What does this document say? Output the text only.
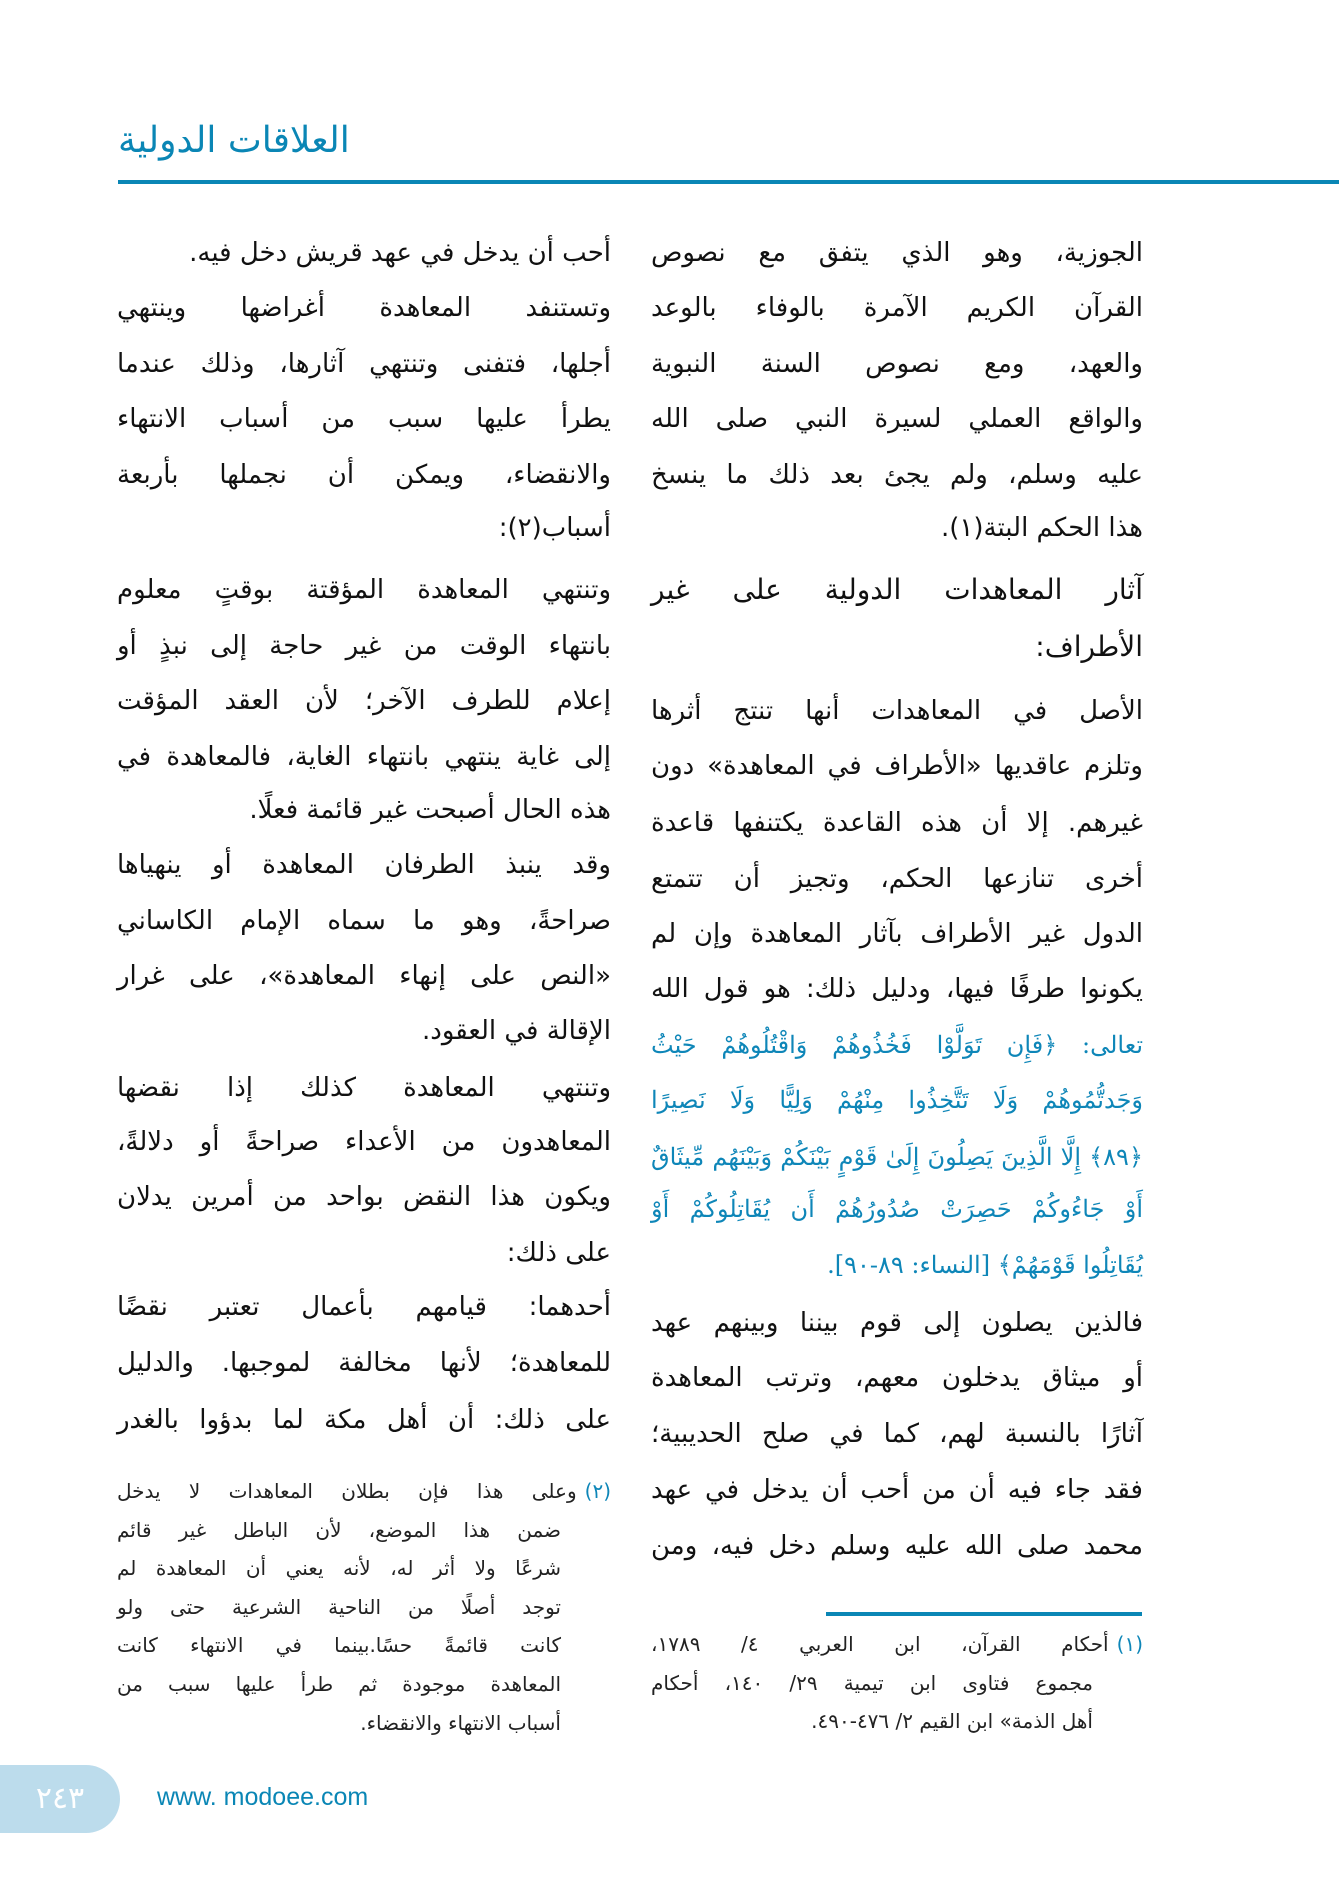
العلاقات الدولية
الجوزية، وهو الذي يتفق مع نصوص
القرآن الكريم الآمرة بالوفاء بالوعد
والعهد، ومع نصوص السنة النبوية
والواقع العملي لسيرة النبي صلى الله
عليه وسلم، ولم يجئ بعد ذلك ما ينسخ
هذا الحكم البتة(١).
آثار المعاهدات الدولية على غير
الأطراف:
الأصل في المعاهدات أنها تنتج أثرها
وتلزم عاقديها «الأطراف في المعاهدة» دون
غيرهم. إلا أن هذه القاعدة يكتنفها قاعدة
أخرى تنازعها الحكم، وتجيز أن تتمتع
الدول غير الأطراف بآثار المعاهدة وإن لم
يكونوا طرفًا فيها، ودليل ذلك: هو قول الله
تعالى: ﴿فَإِن تَوَلَّوْا فَخُذُوهُمْ وَاقْتُلُوهُمْ حَيْثُ
وَجَدتُّمُوهُمْ وَلَا تَتَّخِذُوا مِنْهُمْ وَلِيًّا وَلَا نَصِيرًا
﴿٨٩﴾ إِلَّا الَّذِينَ يَصِلُونَ إِلَىٰ قَوْمٍ بَيْنَكُمْ وَبَيْنَهُم مِّيثَاقٌ
أَوْ جَاءُوكُمْ حَصِرَتْ صُدُورُهُمْ أَن يُقَاتِلُوكُمْ أَوْ
يُقَاتِلُوا قَوْمَهُمْ﴾ [النساء: ٨٩-٩٠].
فالذين يصلون إلى قوم بيننا وبينهم عهد
أو ميثاق يدخلون معهم، وترتب المعاهدة
آثارًا بالنسبة لهم، كما في صلح الحديبية؛
فقد جاء فيه أن من أحب أن يدخل في عهد
محمد صلى الله عليه وسلم دخل فيه، ومن
(١)أحكام القرآن، ابن العربي ٤/ ١٧٨٩،
مجموع فتاوى ابن تيمية ٢٩/ ١٤٠، أحكام
أهل الذمة» ابن القيم ٢/ ٤٧٦-٤٩٠.
أحب أن يدخل في عهد قريش دخل فيه.
وتستنفد المعاهدة أغراضها وينتهي
أجلها، فتفنى وتنتهي آثارها، وذلك عندما
يطرأ عليها سبب من أسباب الانتهاء
والانقضاء، ويمكن أن نجملها بأربعة
أسباب(٢):
وتنتهي المعاهدة المؤقتة بوقتٍ معلوم
بانتهاء الوقت من غير حاجة إلى نبذٍ أو
إعلام للطرف الآخر؛ لأن العقد المؤقت
إلى غاية ينتهي بانتهاء الغاية، فالمعاهدة في
هذه الحال أصبحت غير قائمة فعلًا.
وقد ينبذ الطرفان المعاهدة أو ينهياها
صراحةً، وهو ما سماه الإمام الكاساني
«النص على إنهاء المعاهدة»، على غرار
الإقالة في العقود.
وتنتهي المعاهدة كذلك إذا نقضها
المعاهدون من الأعداء صراحةً أو دلالةً،
ويكون هذا النقض بواحد من أمرين يدلان
على ذلك:
أحدهما: قيامهم بأعمال تعتبر نقضًا
للمعاهدة؛ لأنها مخالفة لموجبها. والدليل
على ذلك: أن أهل مكة لما بدؤوا بالغدر
(٢)وعلى هذا فإن بطلان المعاهدات لا يدخل
ضمن هذا الموضع، لأن الباطل غير قائم
شرعًا ولا أثر له، لأنه يعني أن المعاهدة لم
توجد أصلًا من الناحية الشرعية حتى ولو
كانت قائمةً حسًا.بينما في الانتهاء كانت
المعاهدة موجودة ثم طرأ عليها سبب من
أسباب الانتهاء والانقضاء.
٢٤٣	www. modoee.com
